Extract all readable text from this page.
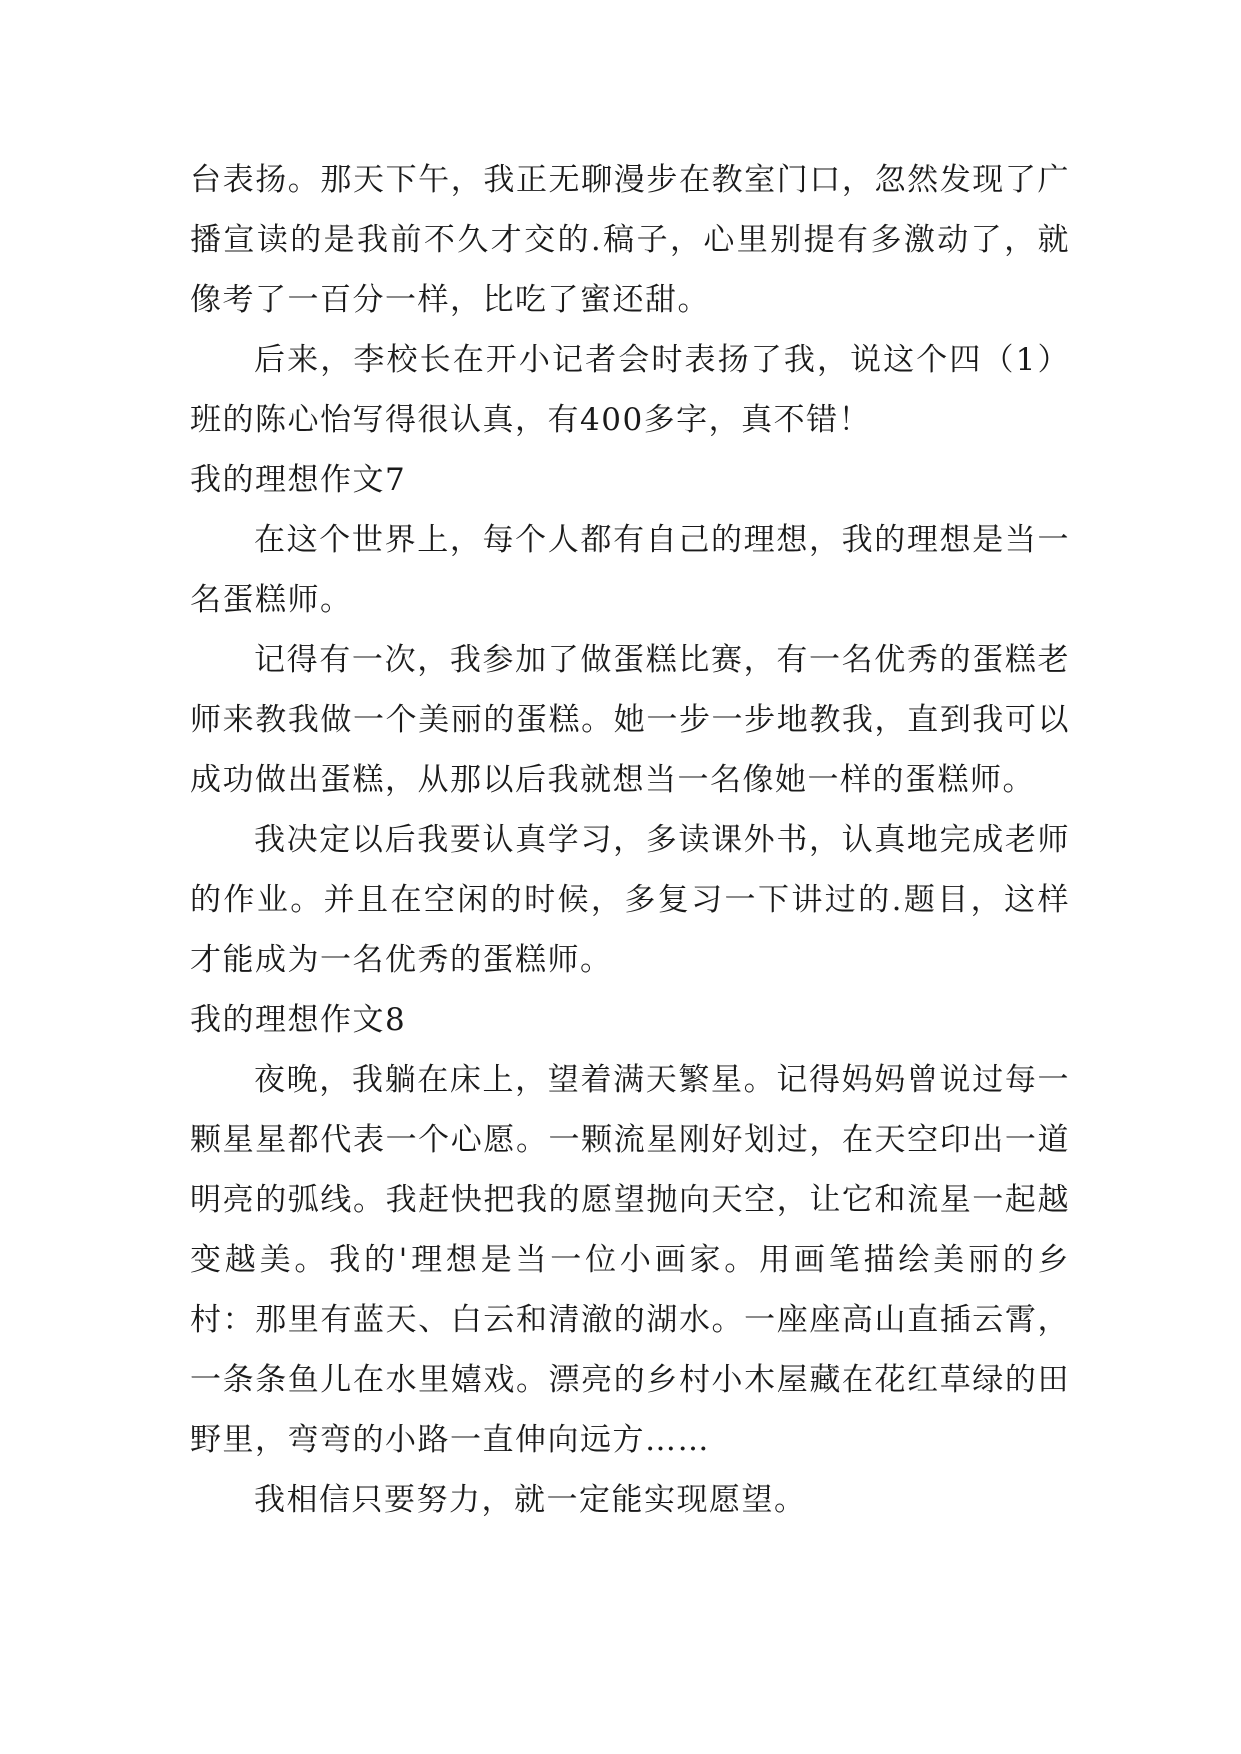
台表扬。那天下午，我正无聊漫步在教室门口，忽然发现了广播宣读的是我前不久才交的.稿子，心里别提有多激动了，就像考了一百分一样，比吃了蜜还甜。

后来，李校长在开小记者会时表扬了我，说这个四（1）班的陈心怡写得很认真，有400多字，真不错！

我的理想作文7

在这个世界上，每个人都有自己的理想，我的理想是当一名蛋糕师。

记得有一次，我参加了做蛋糕比赛，有一名优秀的蛋糕老师来教我做一个美丽的蛋糕。她一步一步地教我，直到我可以成功做出蛋糕，从那以后我就想当一名像她一样的蛋糕师。

我决定以后我要认真学习，多读课外书，认真地完成老师的作业。并且在空闲的时候，多复习一下讲过的.题目，这样才能成为一名优秀的蛋糕师。

我的理想作文8

夜晚，我躺在床上，望着满天繁星。记得妈妈曾说过每一颗星星都代表一个心愿。一颗流星刚好划过，在天空印出一道明亮的弧线。我赶快把我的愿望抛向天空，让它和流星一起越变越美。我的'理想是当一位小画家。用画笔描绘美丽的乡村：那里有蓝天、白云和清澈的湖水。一座座高山直插云霄，一条条鱼儿在水里嬉戏。漂亮的乡村小木屋藏在花红草绿的田野里，弯弯的小路一直伸向远方……

我相信只要努力，就一定能实现愿望。
